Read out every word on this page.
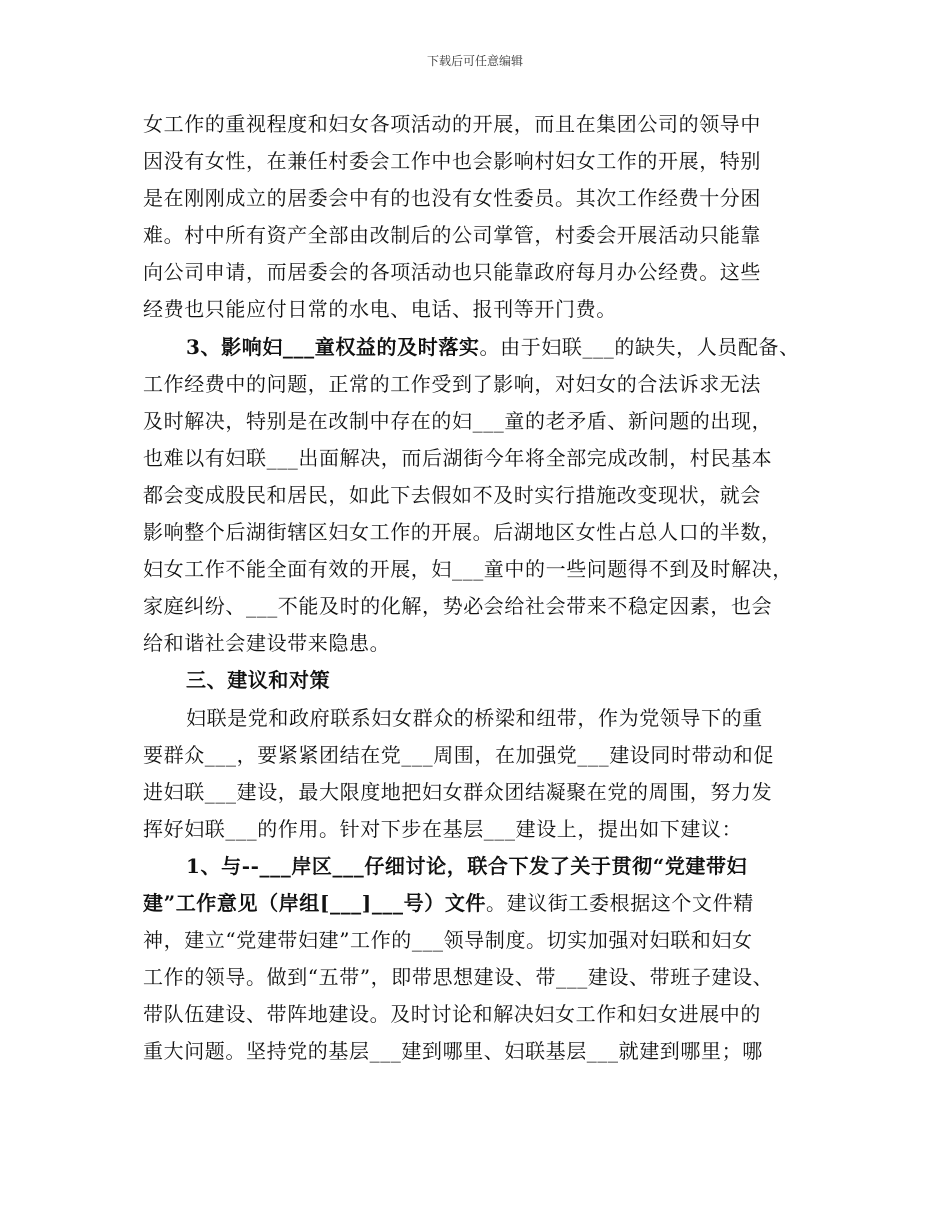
下载后可任意编辑
女工作的重视程度和妇女各项活动的开展，而且在集团公司的领导中
因没有女性，在兼任村委会工作中也会影响村妇女工作的开展，特别
是在刚刚成立的居委会中有的也没有女性委员。其次工作经费十分困
难。村中所有资产全部由改制后的公司掌管，村委会开展活动只能靠
向公司申请，而居委会的各项活动也只能靠政府每月办公经费。这些
经费也只能应付日常的水电、电话、报刊等开门费。
3、影响妇___童权益的及时落实。由于妇联___的缺失，人员配备、
工作经费中的问题，正常的工作受到了影响，对妇女的合法诉求无法
及时解决，特别是在改制中存在的妇___童的老矛盾、新问题的出现，
也难以有妇联___出面解决，而后湖街今年将全部完成改制，村民基本
都会变成股民和居民，如此下去假如不及时实行措施改变现状，就会
影响整个后湖街辖区妇女工作的开展。后湖地区女性占总人口的半数，
妇女工作不能全面有效的开展，妇___童中的一些问题得不到及时解决，
家庭纠纷、___不能及时的化解，势必会给社会带来不稳定因素，也会
给和谐社会建设带来隐患。
三、建议和对策
妇联是党和政府联系妇女群众的桥梁和纽带，作为党领导下的重
要群众___，要紧紧团结在党___周围，在加强党___建设同时带动和促
进妇联___建设，最大限度地把妇女群众团结凝聚在党的周围，努力发
挥好妇联___的作用。针对下步在基层___建设上，提出如下建议：
1、与--___岸区___仔细讨论，联合下发了关于贯彻“党建带妇
建”工作意见（岸组[___]___号）文件。建议街工委根据这个文件精
神，建立“党建带妇建”工作的___领导制度。切实加强对妇联和妇女
工作的领导。做到“五带”，即带思想建设、带___建设、带班子建设、
带队伍建设、带阵地建设。及时讨论和解决妇女工作和妇女进展中的
重大问题。坚持党的基层___建到哪里、妇联基层___就建到哪里；哪
